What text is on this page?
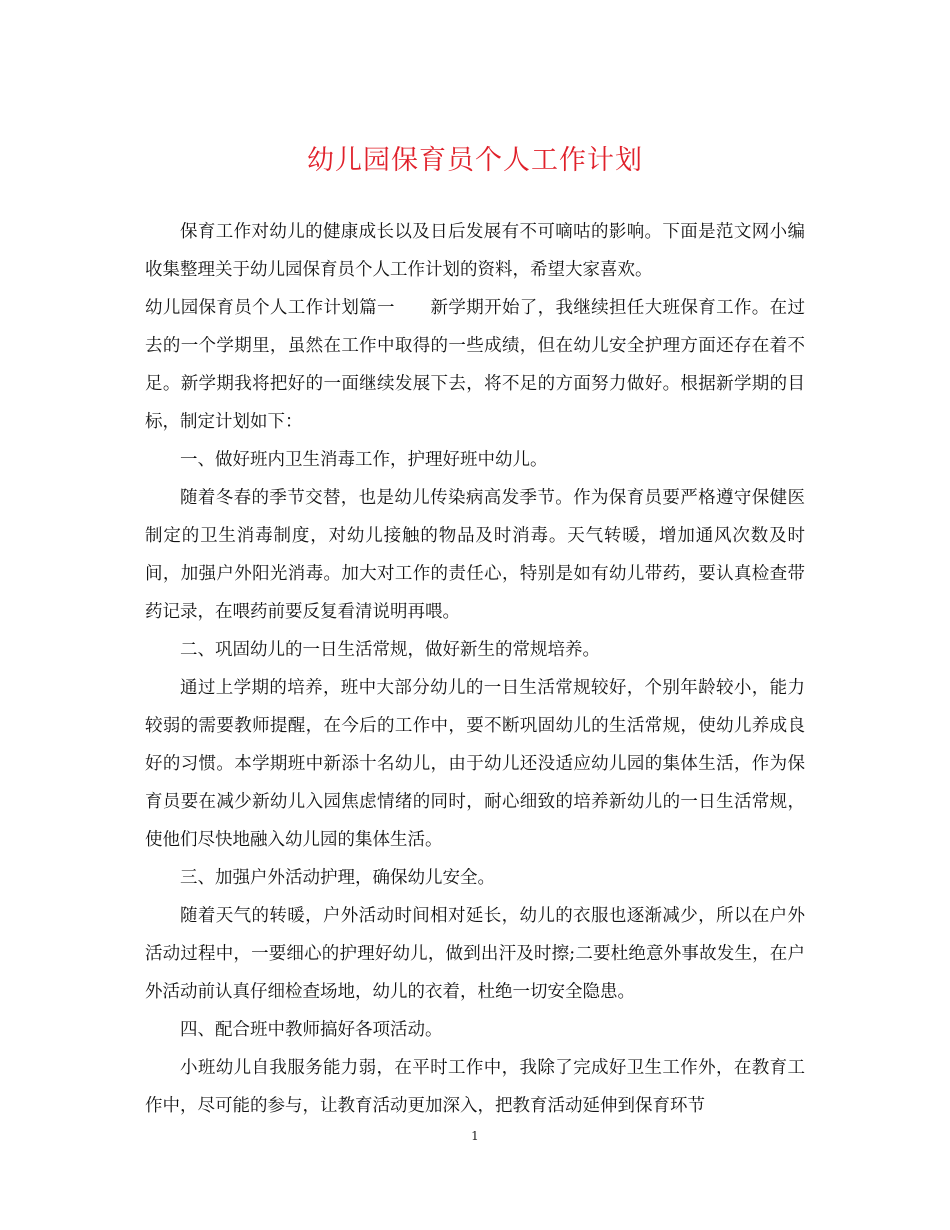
幼儿园保育员个人工作计划

保育工作对幼儿的健康成长以及日后发展有不可嘀咕的影响。下面是范文网小编收集整理关于幼儿园保育员个人工作计划的资料，希望大家喜欢。

幼儿园保育员个人工作计划篇一　　新学期开始了，我继续担任大班保育工作。在过去的一个学期里，虽然在工作中取得的一些成绩，但在幼儿安全护理方面还存在着不足。新学期我将把好的一面继续发展下去，将不足的方面努力做好。根据新学期的目标，制定计划如下：

一、做好班内卫生消毒工作，护理好班中幼儿。

随着冬春的季节交替，也是幼儿传染病高发季节。作为保育员要严格遵守保健医制定的卫生消毒制度，对幼儿接触的物品及时消毒。天气转暖，增加通风次数及时间，加强户外阳光消毒。加大对工作的责任心，特别是如有幼儿带药，要认真检查带药记录，在喂药前要反复看清说明再喂。

二、巩固幼儿的一日生活常规，做好新生的常规培养。

通过上学期的培养，班中大部分幼儿的一日生活常规较好，个别年龄较小，能力较弱的需要教师提醒，在今后的工作中，要不断巩固幼儿的生活常规，使幼儿养成良好的习惯。本学期班中新添十名幼儿，由于幼儿还没适应幼儿园的集体生活，作为保育员要在减少新幼儿入园焦虑情绪的同时，耐心细致的培养新幼儿的一日生活常规，使他们尽快地融入幼儿园的集体生活。

三、加强户外活动护理，确保幼儿安全。

随着天气的转暖，户外活动时间相对延长，幼儿的衣服也逐渐减少，所以在户外活动过程中，一要细心的护理好幼儿，做到出汗及时擦;二要杜绝意外事故发生，在户外活动前认真仔细检查场地，幼儿的衣着，杜绝一切安全隐患。

四、配合班中教师搞好各项活动。

小班幼儿自我服务能力弱，在平时工作中，我除了完成好卫生工作外，在教育工作中，尽可能的参与，让教育活动更加深入，把教育活动延伸到保育环节

1
